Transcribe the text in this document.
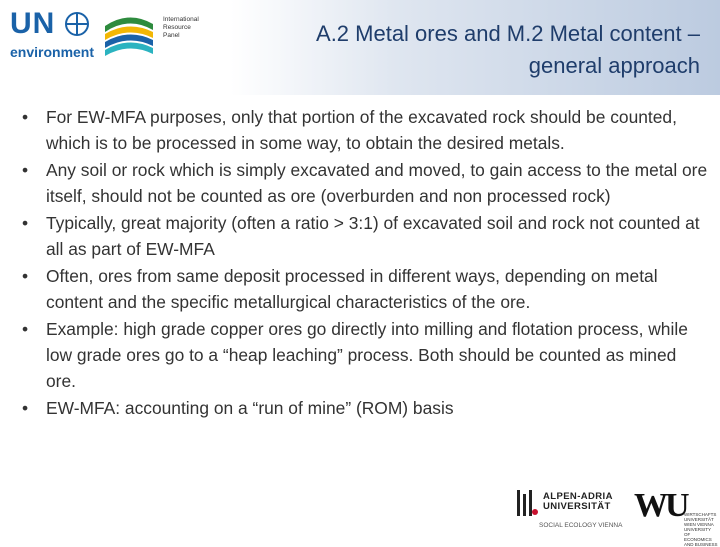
UN
environment
International
Resource
Panel	A.2 Metal ores and M.2 Metal content –
general approach
• For EW-MFA purposes, only that portion of the excavated rock should be counted, which is to be processed in some way, to obtain the desired metals.
• Any soil or rock which is simply excavated and moved, to gain access to the metal ore itself, should not be counted as ore (overburden and non processed rock)
• Typically, great majority (often a ratio > 3:1) of excavated soil and rock not counted at all as part of EW-MFA
• Often, ores from same deposit processed in different ways, depending on metal content and the specific metallurgical characteristics of the ore.
• Example: high grade copper ores go directly into milling and flotation process, while low grade ores go to a “heap leaching” process. Both should be counted as mined ore.
• EW-MFA: accounting on a “run of mine” (ROM) basis
ALPEN-ADRIA
UNIVERSITÄT
SOCIAL ECOLOGY VIENNA
WU
WIRTSCHAFTS
UNIVERSITÄT
WIEN VIENNA
UNIVERSITY OF
ECONOMICS
AND BUSINESS
